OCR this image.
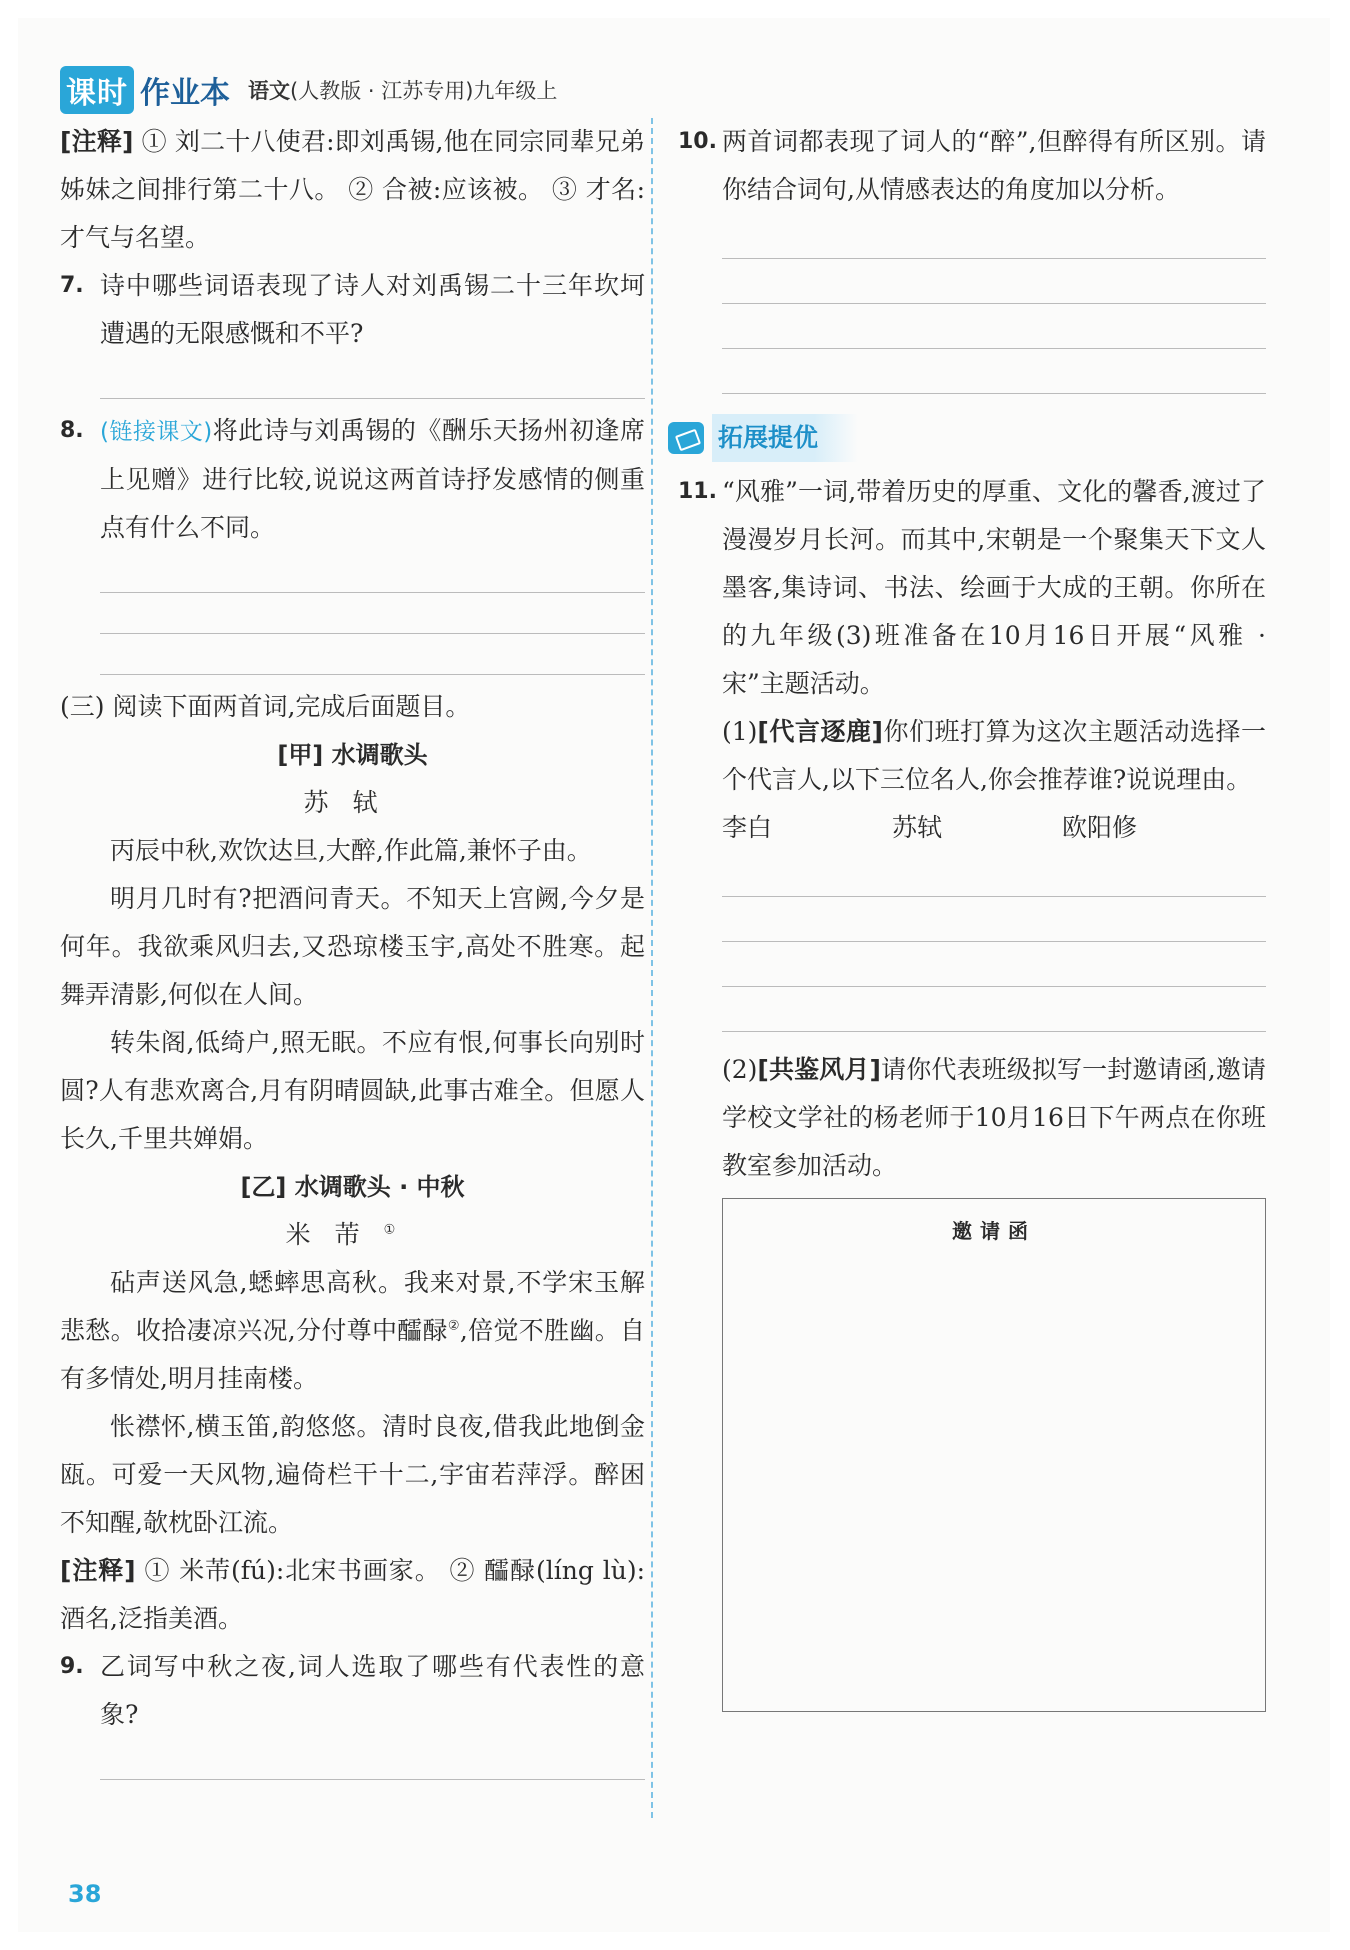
课时 作业本 语文(人教版 · 江苏专用)九年级上

[注释] ① 刘二十八使君:即刘禹锡,他在同宗同辈兄弟姊妹之间排行第二十八。 ② 合被:应该被。 ③ 才名:才气与名望。

7. 诗中哪些词语表现了诗人对刘禹锡二十三年坎坷遭遇的无限感慨和不平?

8. (链接课文)将此诗与刘禹锡的《酬乐天扬州初逢席上见赠》进行比较,说说这两首诗抒发感情的侧重点有什么不同。

(三) 阅读下面两首词,完成后面题目。

[甲] 水调歌头
苏轼

丙辰中秋,欢饮达旦,大醉,作此篇,兼怀子由。

明月几时有?把酒问青天。不知天上宫阙,今夕是何年。我欲乘风归去,又恐琼楼玉宇,高处不胜寒。起舞弄清影,何似在人间。

转朱阁,低绮户,照无眠。不应有恨,何事长向别时圆?人有悲欢离合,月有阴晴圆缺,此事古难全。但愿人长久,千里共婵娟。

[乙] 水调歌头 · 中秋
米芾①

砧声送风急,蟋蟀思高秋。我来对景,不学宋玉解悲愁。收拾凄凉兴况,分付尊中醽醁②,倍觉不胜幽。自有多情处,明月挂南楼。

怅襟怀,横玉笛,韵悠悠。清时良夜,借我此地倒金瓯。可爱一天风物,遍倚栏干十二,宇宙若萍浮。醉困不知醒,欹枕卧江流。

[注释] ① 米芾(fú):北宋书画家。 ② 醽醁(líng lù):酒名,泛指美酒。

9. 乙词写中秋之夜,词人选取了哪些有代表性的意象?

10. 两首词都表现了词人的“醉”,但醉得有所区别。请你结合词句,从情感表达的角度加以分析。

拓展提优
11. “风雅”一词,带着历史的厚重、文化的馨香,渡过了漫漫岁月长河。而其中,宋朝是一个聚集天下文人墨客,集诗词、书法、绘画于大成的王朝。你所在的九年级(3)班准备在10月16日开展“风雅 · 宋”主题活动。

(1)[代言逐鹿]你们班打算为这次主题活动选择一个代言人,以下三位名人,你会推荐谁?说说理由。

李白	苏轼	欧阳修

(2)[共鉴风月]请你代表班级拟写一封邀请函,邀请学校文学社的杨老师于10月16日下午两点在你班教室参加活动。

邀请函
38
